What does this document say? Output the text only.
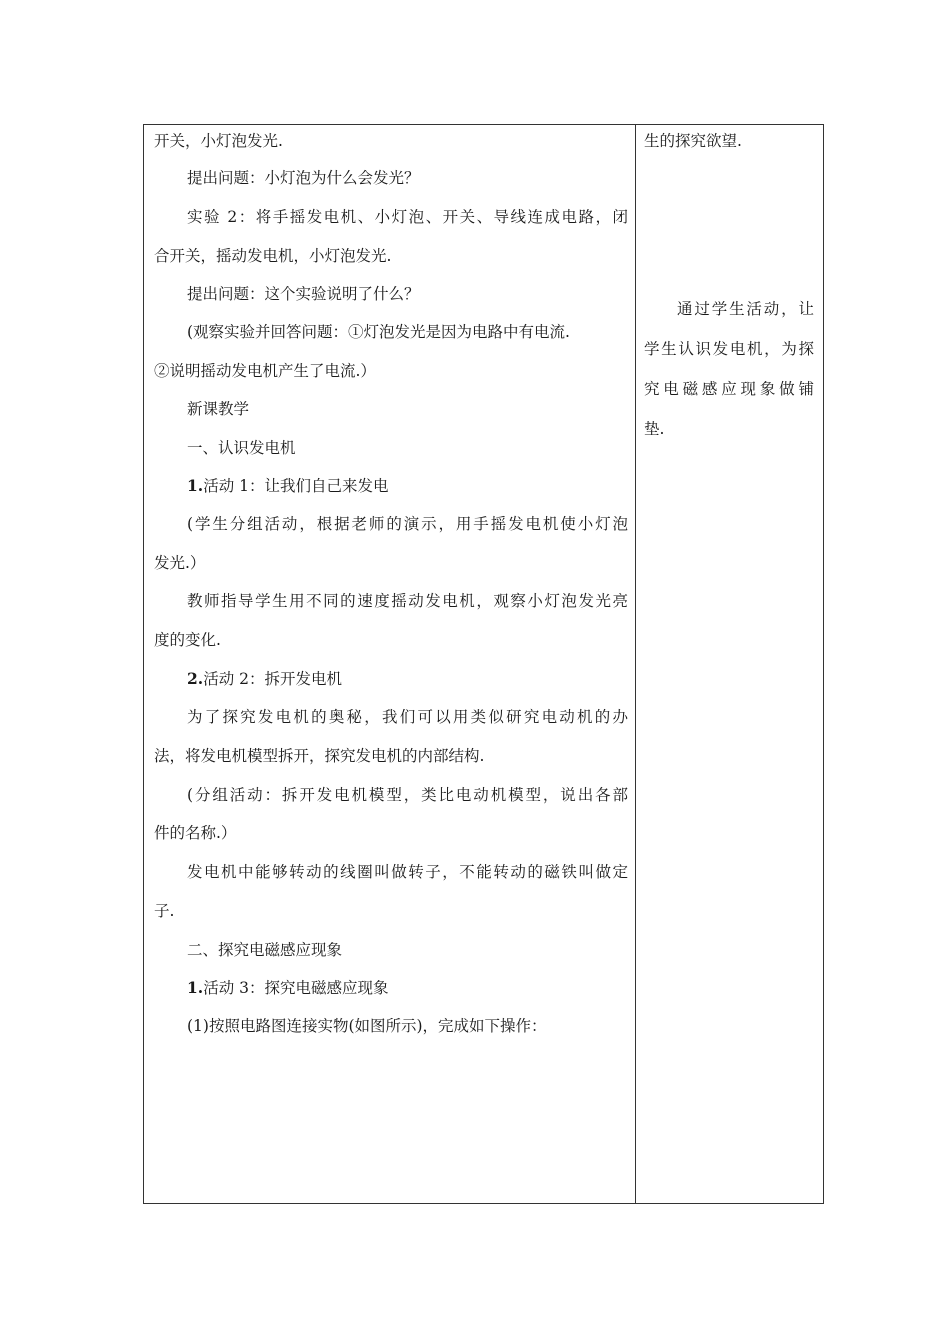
开关，小灯泡发光.
提出问题：小灯泡为什么会发光？
实验 2：将手摇发电机、小灯泡、开关、导线连成电路，闭
合开关，摇动发电机，小灯泡发光.
提出问题：这个实验说明了什么？
(观察实验并回答问题：①灯泡发光是因为电路中有电流.
②说明摇动发电机产生了电流.）
新课教学
一、认识发电机
1.活动 1：让我们自己来发电
(学生分组活动，根据老师的演示，用手摇发电机使小灯泡
发光.）
教师指导学生用不同的速度摇动发电机，观察小灯泡发光亮
度的变化.
2.活动 2：拆开发电机
为了探究发电机的奥秘，我们可以用类似研究电动机的办
法，将发电机模型拆开，探究发电机的内部结构.
(分组活动：拆开发电机模型，类比电动机模型，说出各部
件的名称.）
发电机中能够转动的线圈叫做转子，不能转动的磁铁叫做定
子.
二、探究电磁感应现象
1.活动 3：探究电磁感应现象
(1)按照电路图连接实物(如图所示)，完成如下操作：
生的探究欲望.
通过学生活动，让
学生认识发电机，为探
究电磁感应现象做铺
垫.
